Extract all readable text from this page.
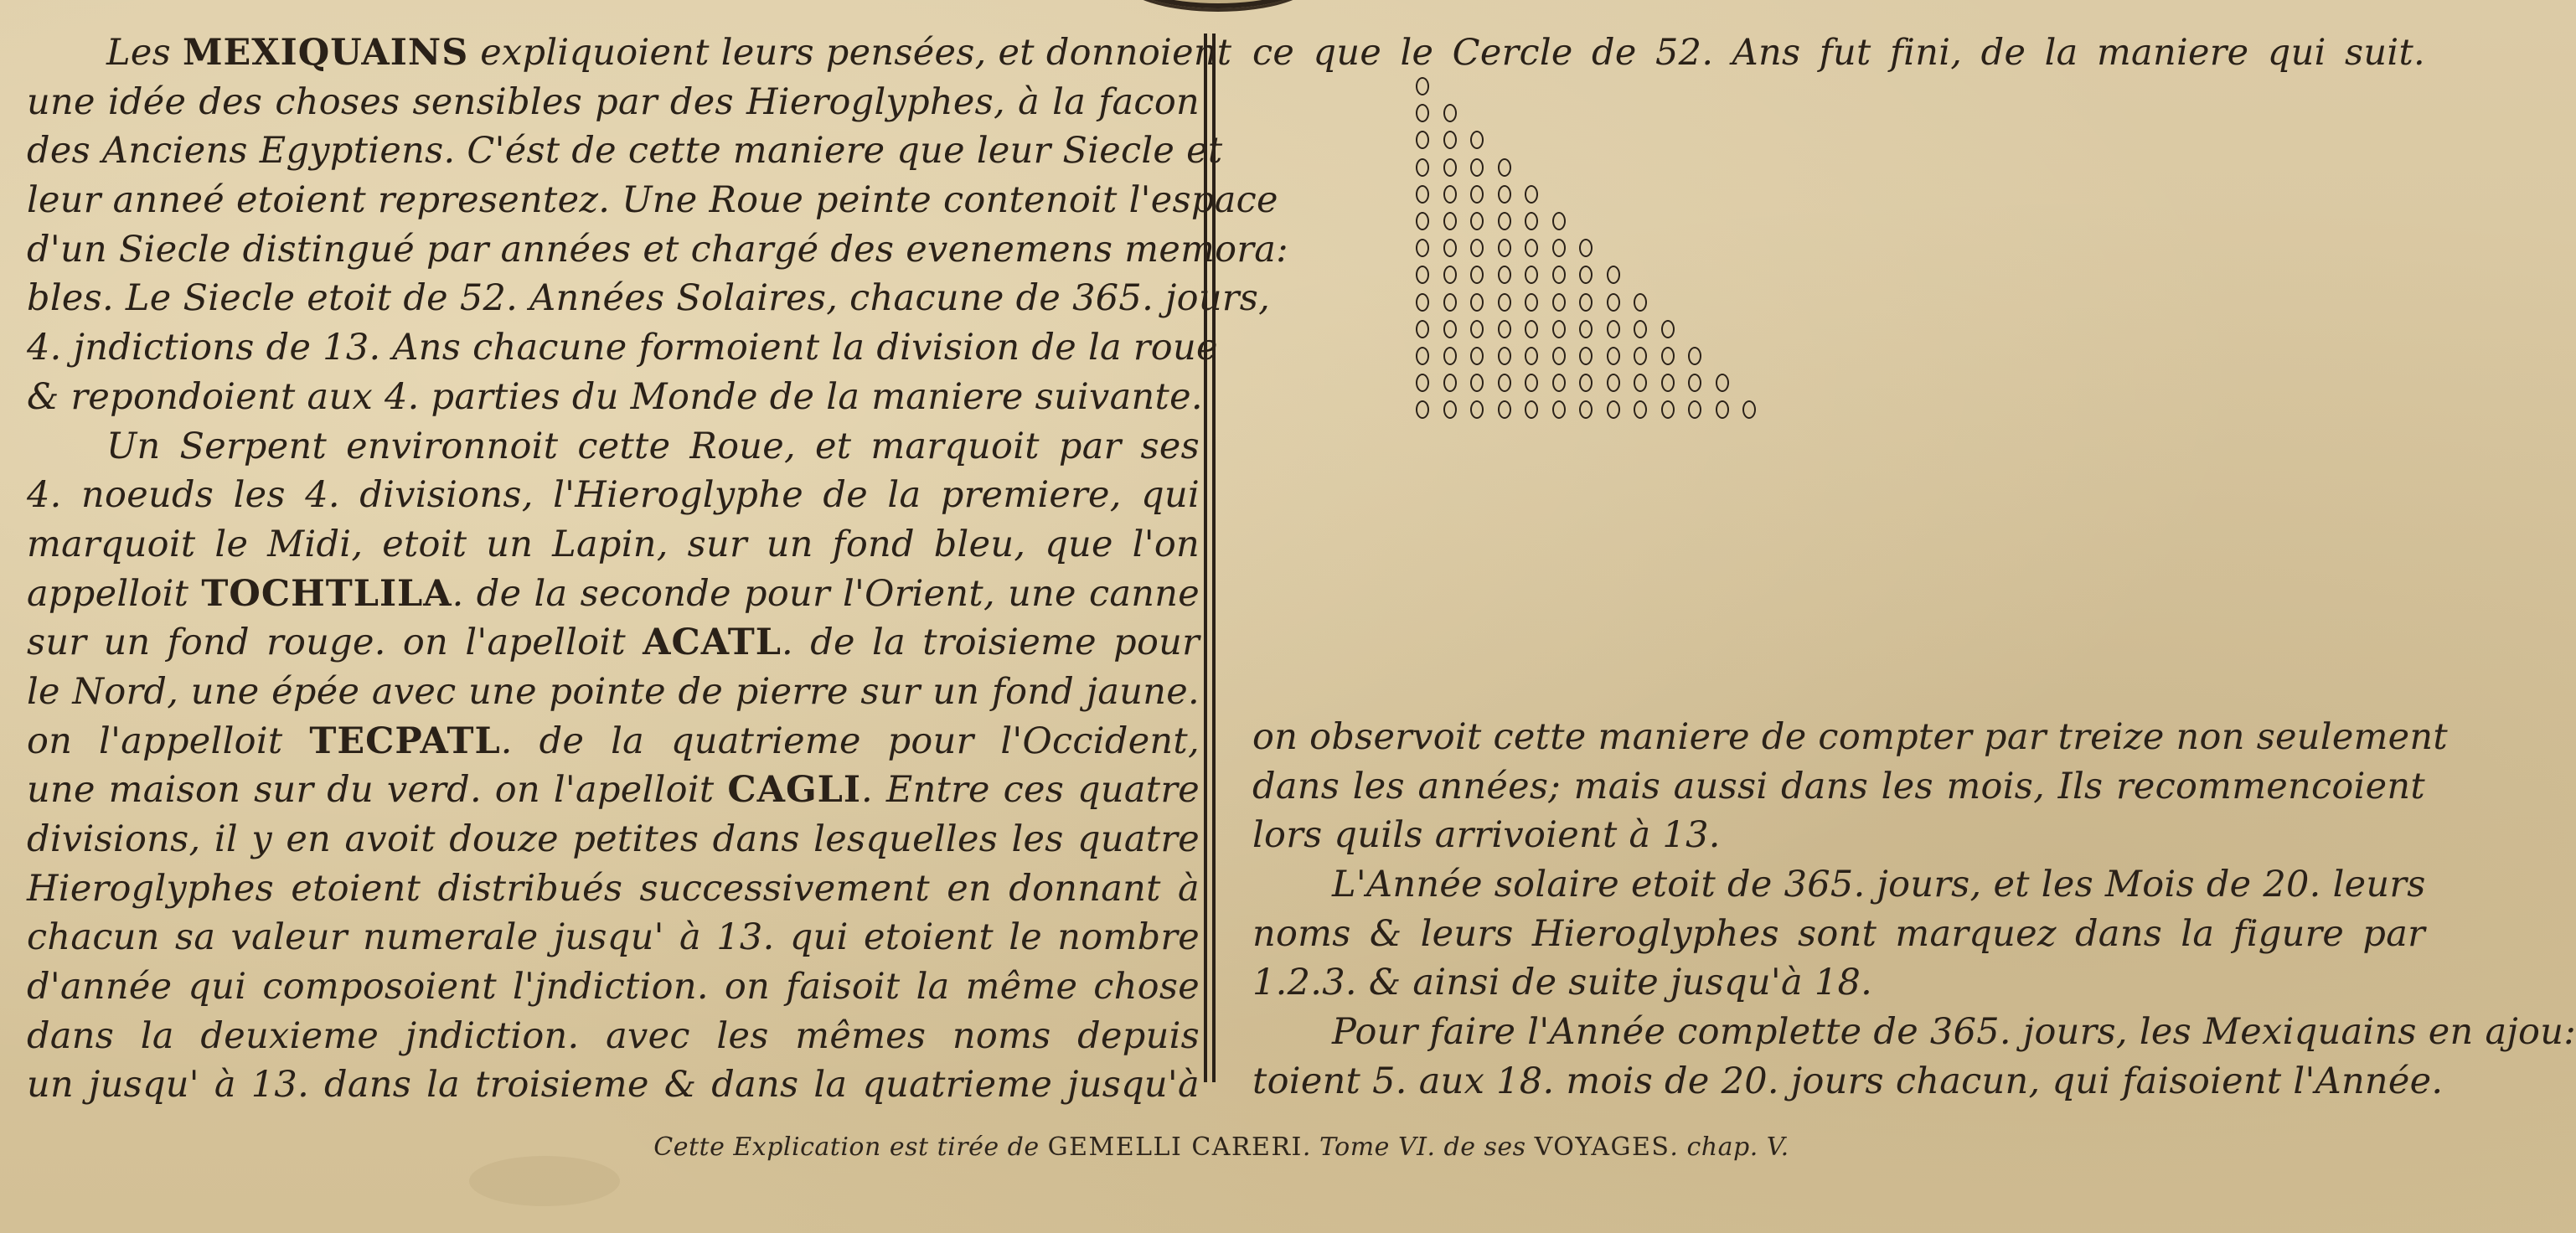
Les MEXIQUAINS expliquoient leurs pensées, et donnoient
une idée des choses sensibles par des Hieroglyphes, à la facon
des Anciens Egyptiens. C'ést de cette maniere que leur Siecle et
leur anneé etoient representez. Une Roue peinte contenoit l'espace
d'un Siecle distingué par années et chargé des evenemens memora:
bles. Le Siecle etoit de 52. Années Solaires, chacune de 365. jours,
4. jndictions de 13. Ans chacune formoient la division de la roue
& repondoient aux 4. parties du Monde de la maniere suivante.
Un Serpent environnoit cette Roue, et marquoit par ses
4. noeuds les 4. divisions, l'Hieroglyphe de la premiere, qui
marquoit le Midi, etoit un Lapin, sur un fond bleu, que l'on
appelloit TOCHTLILA. de la seconde pour l'Orient, une canne
sur un fond rouge. on l'apelloit ACATL. de la troisieme pour
le Nord, une épée avec une pointe de pierre sur un fond jaune.
on l'appelloit TECPATL. de la quatrieme pour l'Occident,
une maison sur du verd. on l'apelloit CAGLI. Entre ces quatre
divisions, il y en avoit douze petites dans lesquelles les quatre
Hieroglyphes etoient distribués successivement en donnant à
chacun sa valeur numerale jusqu' à 13. qui etoient le nombre
d'année qui composoient l'jndiction. on faisoit la même chose
dans la deuxieme jndiction. avec les mêmes noms depuis
un jusqu' à 13. dans la troisieme & dans la quatrieme jusqu'à
ce que le Cercle de 52. Ans fut fini, de la maniere qui suit.
on observoit cette maniere de compter par treize non seulement
dans les années; mais aussi dans les mois, Ils recommencoient
lors quils arrivoient à 13.
L'Année solaire etoit de 365. jours, et les Mois de 20. leurs
noms & leurs Hieroglyphes sont marquez dans la figure par
1.2.3. & ainsi de suite jusqu'à 18.
Pour faire l'Année complette de 365. jours, les Mexiquains en ajou:
toient 5. aux 18. mois de 20. jours chacun, qui faisoient l'Année.
Cette Explication est tirée de GEMELLI CARERI. Tome VI. de ses VOYAGES. chap. V.
